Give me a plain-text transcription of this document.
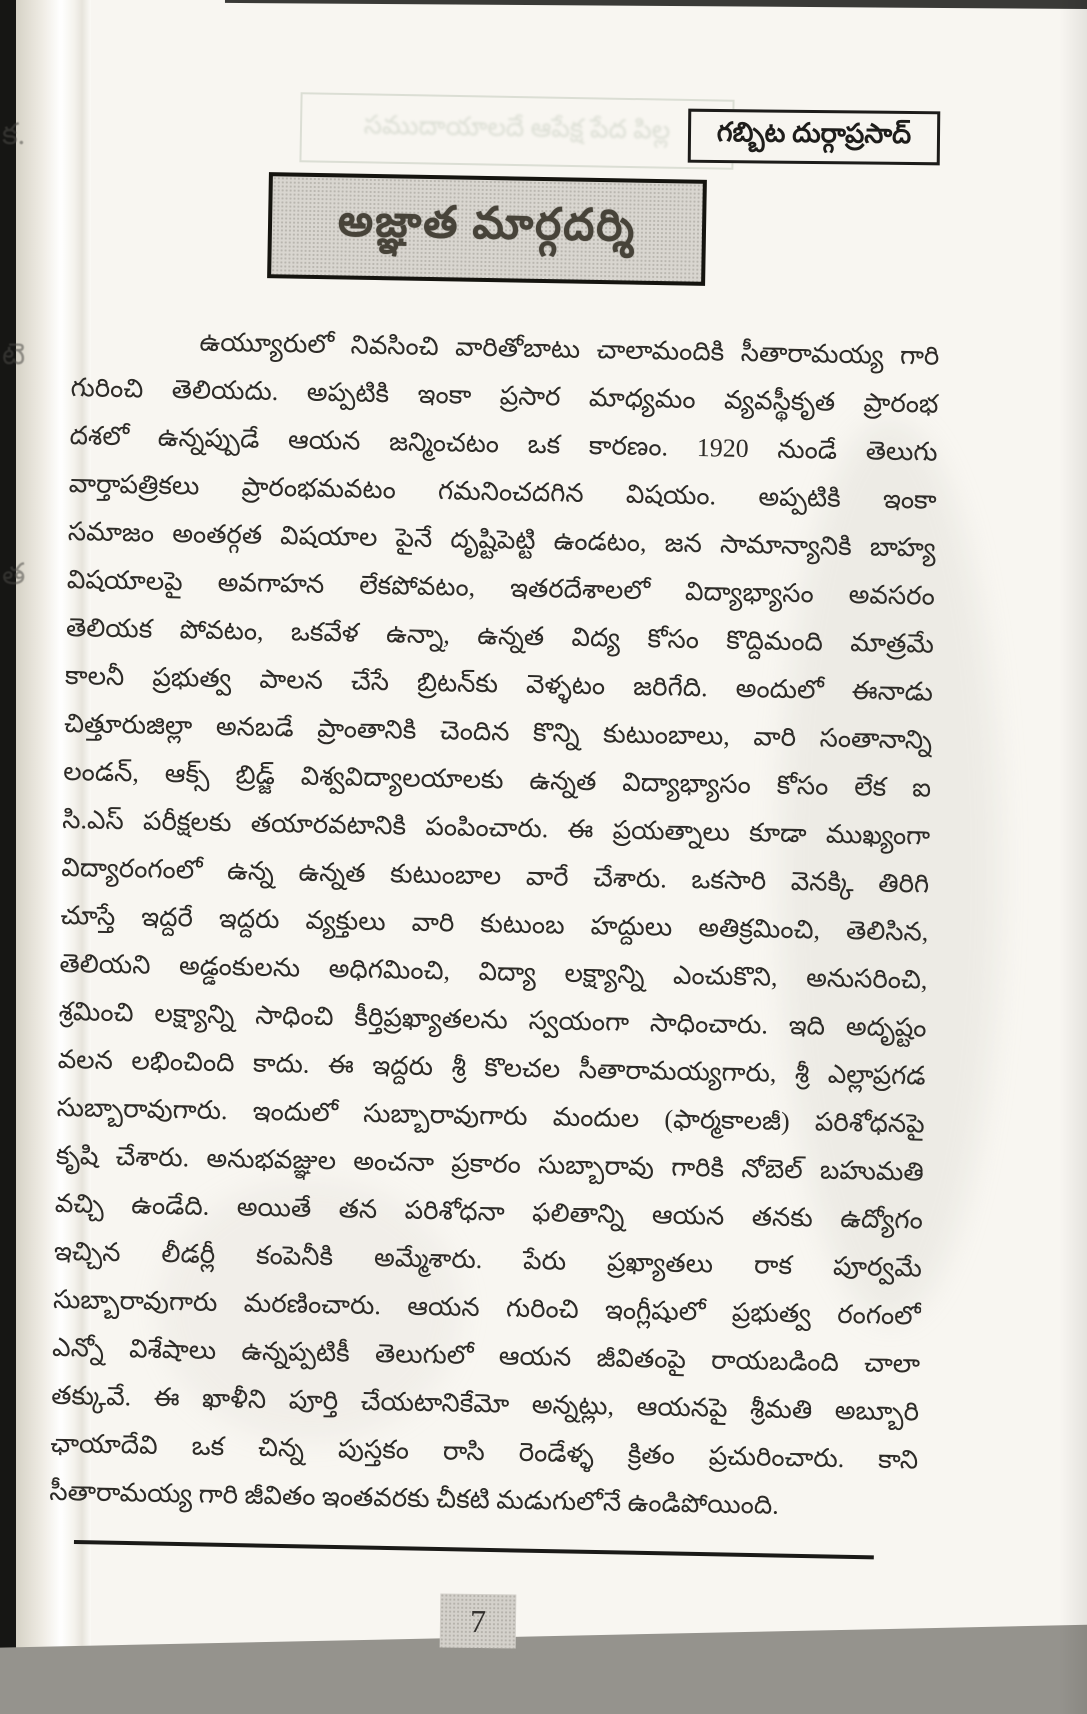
క.
టె
త
సముదాయాలదే ఆపేక్ష పేద పిల్ల గబ్బిట దుర్గాప్రసాద్
అజ్ఞాత మార్గదర్శి
ఉయ్యూరులో నివసించి వారితోబాటు చాలామందికి సీతారామయ్య గారి
గురించి తెలియదు. అప్పటికి ఇంకా ప్రసార మాధ్యమం వ్యవస్థీకృత ప్రారంభ
దశలో ఉన్నప్పుడే ఆయన జన్మించటం ఒక కారణం. 1920 నుండే తెలుగు
వార్తాపత్రికలు ప్రారంభమవటం గమనించదగిన విషయం. అప్పటికి ఇంకా
సమాజం అంతర్గత విషయాల పైనే దృష్టిపెట్టి ఉండటం, జన సామాన్యానికి బాహ్య
విషయాలపై అవగాహన లేకపోవటం, ఇతరదేశాలలో విద్యాభ్యాసం అవసరం
తెలియక పోవటం, ఒకవేళ ఉన్నా, ఉన్నత విద్య కోసం కొద్దిమంది మాత్రమే
కాలనీ ప్రభుత్వ పాలన చేసే బ్రిటన్‌కు వెళ్ళటం జరిగేది. అందులో ఈనాడు
చిత్తూరుజిల్లా అనబడే ప్రాంతానికి చెందిన కొన్ని కుటుంబాలు, వారి సంతానాన్ని
లండన్, ఆక్స్ బ్రిడ్జ్ విశ్వవిద్యాలయాలకు ఉన్నత విద్యాభ్యాసం కోసం లేక ఐ
సి.ఎస్ పరీక్షలకు తయారవటానికి పంపించారు. ఈ ప్రయత్నాలు కూడా ముఖ్యంగా
విద్యారంగంలో ఉన్న ఉన్నత కుటుంబాల వారే చేశారు. ఒకసారి వెనక్కి తిరిగి
చూస్తే ఇద్దరే ఇద్దరు వ్యక్తులు వారి కుటుంబ హద్దులు అతిక్రమించి, తెలిసిన,
తెలియని అడ్డంకులను అధిగమించి, విద్యా లక్ష్యాన్ని ఎంచుకొని, అనుసరించి,
శ్రమించి లక్ష్యాన్ని సాధించి కీర్తిప్రఖ్యాతలను స్వయంగా సాధించారు. ఇది అదృష్టం
వలన లభించింది కాదు. ఈ ఇద్దరు శ్రీ కొలచల సీతారామయ్యగారు, శ్రీ ఎల్లాప్రగడ
సుబ్బారావుగారు. ఇందులో సుబ్బారావుగారు మందుల (ఫార్మకాలజీ) పరిశోధనపై
కృషి చేశారు. అనుభవజ్ఞుల అంచనా ప్రకారం సుబ్బారావు గారికి నోబెల్ బహుమతి
వచ్చి ఉండేది. అయితే తన పరిశోధనా ఫలితాన్ని ఆయన తనకు ఉద్యోగం
ఇచ్చిన లీడర్లీ కంపెనీకి అమ్మేశారు. పేరు ప్రఖ్యాతలు రాక పూర్వమే
సుబ్బారావుగారు మరణించారు. ఆయన గురించి ఇంగ్లీషులో ప్రభుత్వ రంగంలో
ఎన్నో విశేషాలు ఉన్నప్పటికీ తెలుగులో ఆయన జీవితంపై రాయబడింది చాలా
తక్కువే. ఈ ఖాళీని పూర్తి చేయటానికేమో అన్నట్లు, ఆయనపై శ్రీమతి అబ్బూరి
ఛాయాదేవి ఒక చిన్న పుస్తకం రాసి రెండేళ్ళ క్రితం ప్రచురించారు. కాని
సీతారామయ్య గారి జీవితం ఇంతవరకు చీకటి మడుగులోనే ఉండిపోయింది.
7
